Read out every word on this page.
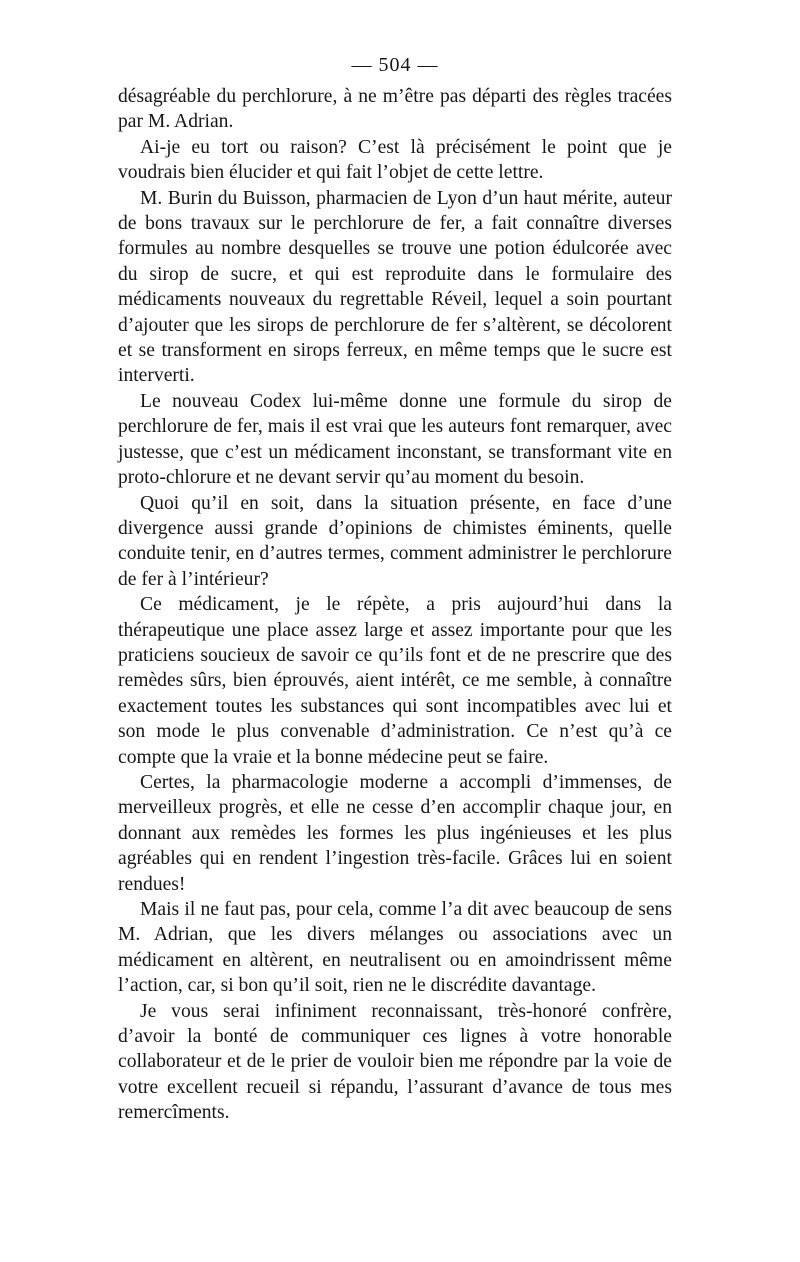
— 504 —

désagréable du perchlorure, à ne m’être pas départi des règles tracées par M. Adrian.

Ai-je eu tort ou raison? C’est là précisément le point que je voudrais bien élucider et qui fait l’objet de cette lettre.

M. Burin du Buisson, pharmacien de Lyon d’un haut mérite, auteur de bons travaux sur le perchlorure de fer, a fait connaître diverses formules au nombre desquelles se trouve une potion édulcorée avec du sirop de sucre, et qui est reproduite dans le formulaire des médicaments nouveaux du regrettable Réveil, lequel a soin pourtant d’ajouter que les sirops de perchlorure de fer s’altèrent, se décolorent et se transforment en sirops ferreux, en même temps que le sucre est interverti.

Le nouveau Codex lui-même donne une formule du sirop de perchlorure de fer, mais il est vrai que les auteurs font remarquer, avec justesse, que c’est un médicament inconstant, se transformant vite en proto-chlorure et ne devant servir qu’au moment du besoin.

Quoi qu’il en soit, dans la situation présente, en face d’une divergence aussi grande d’opinions de chimistes éminents, quelle conduite tenir, en d’autres termes, comment administrer le perchlorure de fer à l’intérieur?

Ce médicament, je le répète, a pris aujourd’hui dans la thérapeutique une place assez large et assez importante pour que les praticiens soucieux de savoir ce qu’ils font et de ne prescrire que des remèdes sûrs, bien éprouvés, aient intérêt, ce me semble, à connaître exactement toutes les substances qui sont incompatibles avec lui et son mode le plus convenable d’administration. Ce n’est qu’à ce compte que la vraie et la bonne médecine peut se faire.

Certes, la pharmacologie moderne a accompli d’immenses, de merveilleux progrès, et elle ne cesse d’en accomplir chaque jour, en donnant aux remèdes les formes les plus ingénieuses et les plus agréables qui en rendent l’ingestion très-facile. Grâces lui en soient rendues!

Mais il ne faut pas, pour cela, comme l’a dit avec beaucoup de sens M. Adrian, que les divers mélanges ou associations avec un médicament en altèrent, en neutralisent ou en amoindrissent même l’action, car, si bon qu’il soit, rien ne le discrédite davantage.

Je vous serai infiniment reconnaissant, très-honoré confrère, d’avoir la bonté de communiquer ces lignes à votre honorable collaborateur et de le prier de vouloir bien me répondre par la voie de votre excellent recueil si répandu, l’assurant d’avance de tous mes remercîments.
